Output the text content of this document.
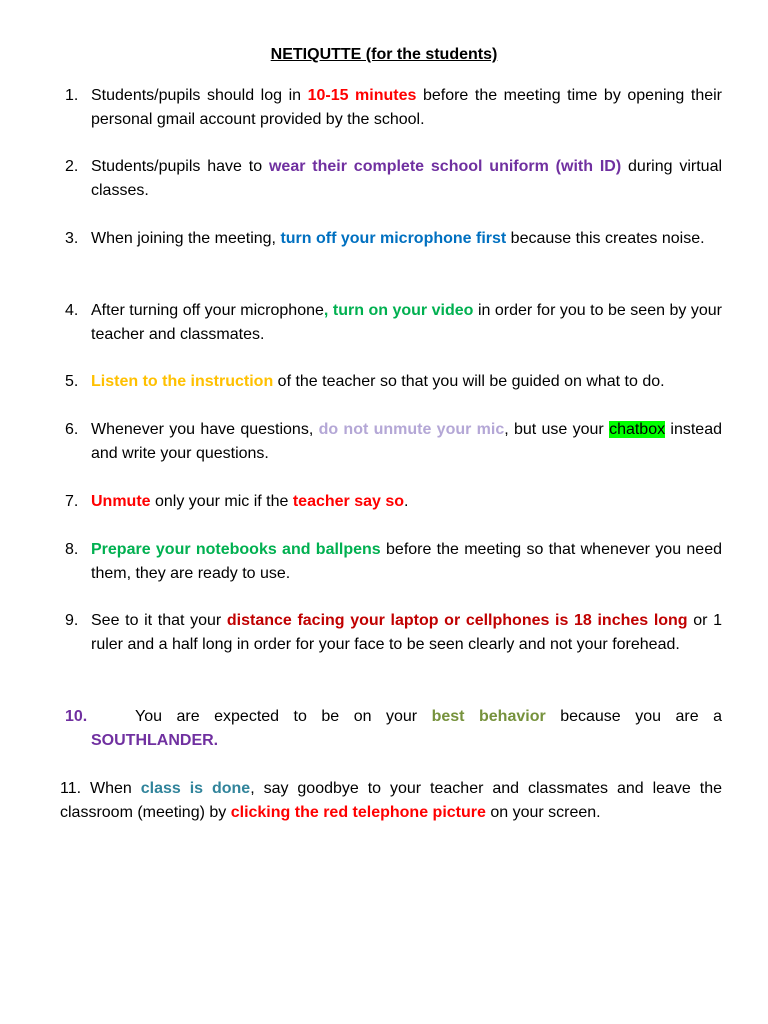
NETIQUTTE (for the students)
1. Students/pupils should log in 10-15 minutes before the meeting time by opening their personal gmail account provided by the school.
2. Students/pupils have to wear their complete school uniform (with ID) during virtual classes.
3. When joining the meeting, turn off your microphone first because this creates noise.
4. After turning off your microphone, turn on your video in order for you to be seen by your teacher and classmates.
5. Listen to the instruction of the teacher so that you will be guided on what to do.
6. Whenever you have questions, do not unmute your mic, but use your chatbox instead and write your questions.
7. Unmute only your mic if the teacher say so.
8. Prepare your notebooks and ballpens before the meeting so that whenever you need them, they are ready to use.
9. See to it that your distance facing your laptop or cellphones is 18 inches long or 1 ruler and a half long in order for your face to be seen clearly and not your forehead.
10.	You are expected to be on your best behavior because you are a SOUTHLANDER.
11. When class is done, say goodbye to your teacher and classmates and leave the classroom (meeting) by clicking the red telephone picture on your screen.
